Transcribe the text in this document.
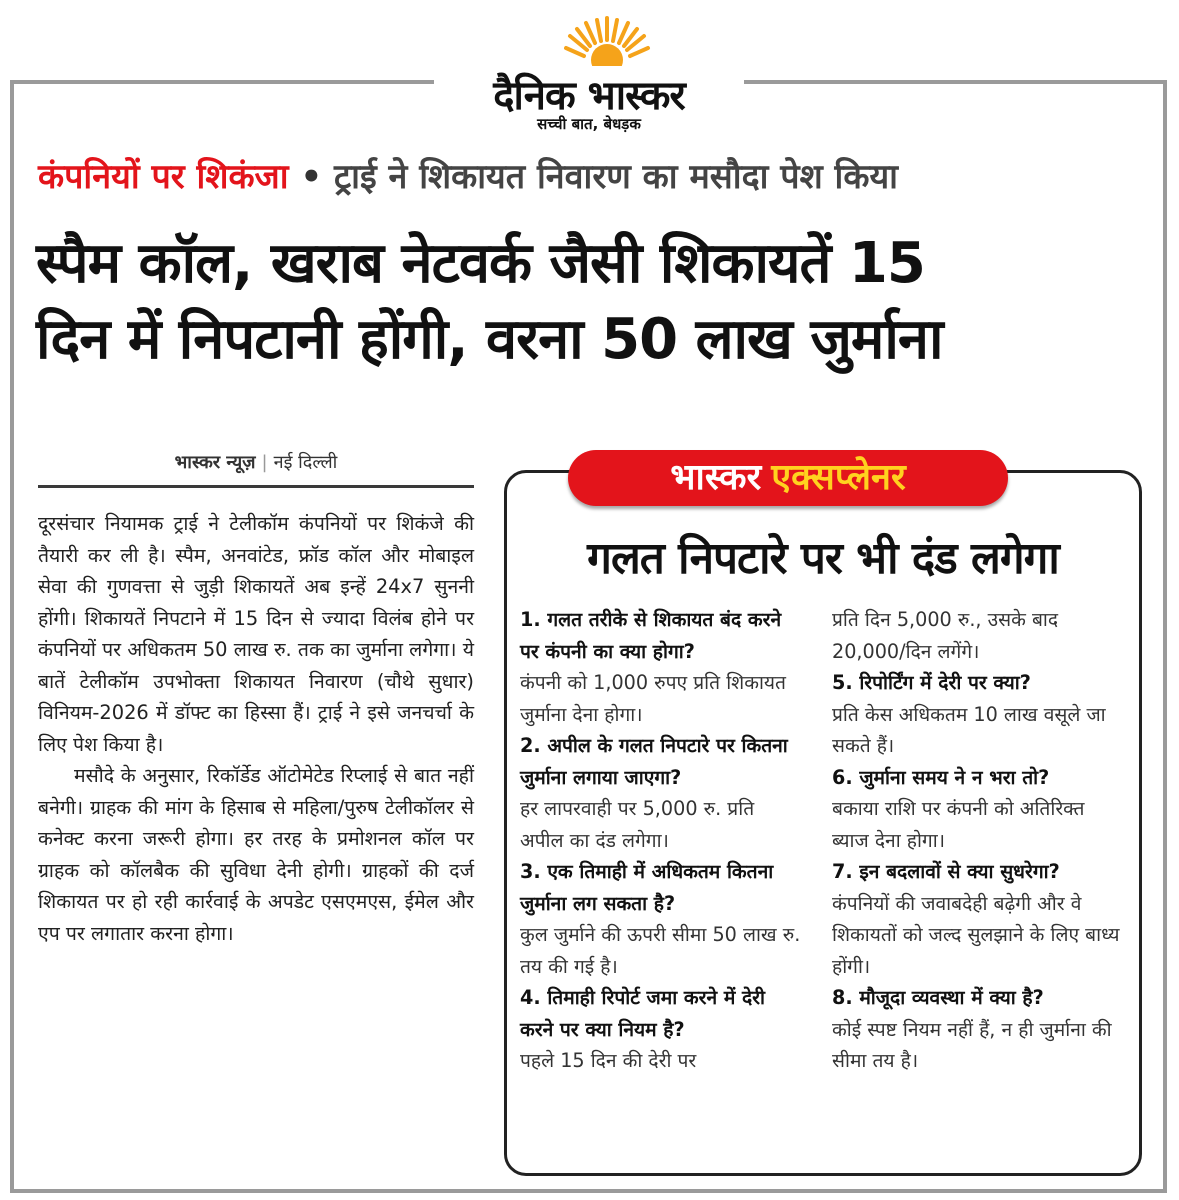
दैनिक भास्कर
सच्ची बात, बेधड़क
कंपनियों पर शिकंजा • ट्राई ने शिकायत निवारण का मसौदा पेश किया
स्पैम कॉल, खराब नेटवर्क जैसी शिकायतें 15
दिन में निपटानी होंगी, वरना 50 लाख जुर्माना
भास्कर न्यूज़ | नई दिल्ली

दूरसंचार नियामक ट्राई ने टेलीकॉम कंपनियों पर शिकंजे की तैयारी कर ली है। स्पैम, अनवांटेड, फ्रॉड कॉल और मोबाइल सेवा की गुणवत्ता से जुड़ी शिकायतें अब इन्हें 24x7 सुननी होंगी। शिकायतें निपटाने में 15 दिन से ज्यादा विलंब होने पर कंपनियों पर अधिकतम 50 लाख रु. तक का जुर्माना लगेगा। ये बातें टेलीकॉम उपभोक्ता शिकायत निवारण (चौथे सुधार) विनियम-2026 में डॉफ्ट का हिस्सा हैं। ट्राई ने इसे जनचर्चा के लिए पेश किया है।

मसौदे के अनुसार, रिकॉर्डेड ऑटोमेटेड रिप्लाई से बात नहीं बनेगी। ग्राहक की मांग के हिसाब से महिला/पुरुष टेलीकॉलर से कनेक्ट करना जरूरी होगा। हर तरह के प्रमोशनल कॉल पर ग्राहक को कॉलबैक की सुविधा देनी होगी। ग्राहकों की दर्ज शिकायत पर हो रही कार्रवाई के अपडेट एसएमएस, ईमेल और एप पर लगातार करना होगा।

भास्कर एक्सप्लेनर
गलत निपटारे पर भी दंड लगेगा
1. गलत तरीके से शिकायत बंद करने पर कंपनी का क्या होगा?
कंपनी को 1,000 रुपए प्रति शिकायत जुर्माना देना होगा।
2. अपील के गलत निपटारे पर कितना जुर्माना लगाया जाएगा?
हर लापरवाही पर 5,000 रु. प्रति अपील का दंड लगेगा।
3. एक तिमाही में अधिकतम कितना जुर्माना लग सकता है?
कुल जुर्माने की ऊपरी सीमा 50 लाख रु. तय की गई है।
4. तिमाही रिपोर्ट जमा करने में देरी करने पर क्या नियम है?
पहले 15 दिन की देरी पर
प्रति दिन 5,000 रु., उसके बाद 20,000/दिन लगेंगे।
5. रिपोर्टिंग में देरी पर क्या?
प्रति केस अधिकतम 10 लाख वसूले जा सकते हैं।
6. जुर्माना समय ने न भरा तो?
बकाया राशि पर कंपनी को अतिरिक्त ब्याज देना होगा।
7. इन बदलावों से क्या सुधरेगा?
कंपनियों की जवाबदेही बढ़ेगी और वे शिकायतों को जल्द सुलझाने के लिए बाध्य होंगी।
8. मौजूदा व्यवस्था में क्या है?
कोई स्पष्ट नियम नहीं हैं, न ही जुर्माना की सीमा तय है।
